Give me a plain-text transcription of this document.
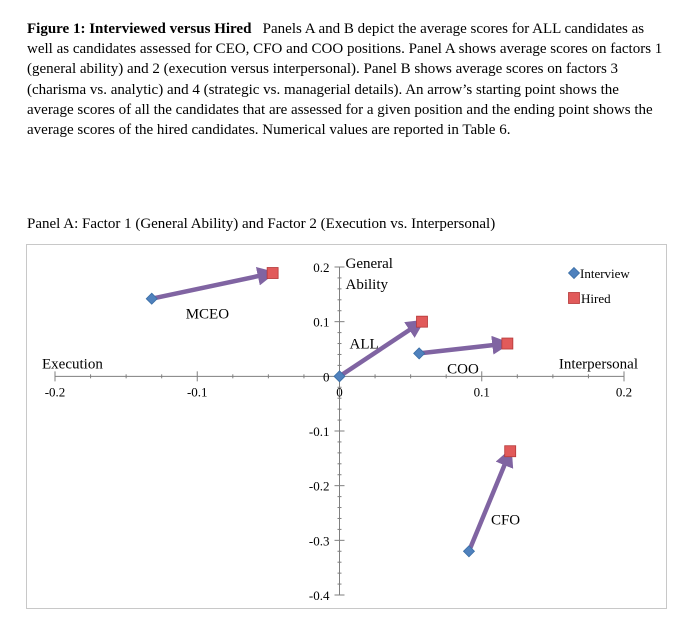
Figure 1: Interviewed versus Hired Panels A and B depict the average scores for ALL candidates as well as candidates assessed for CEO, CFO and COO positions. Panel A shows average scores on factors 1 (general ability) and 2 (execution versus interpersonal). Panel B shows average scores on factors 3 (charisma vs. analytic) and 4 (strategic vs. managerial details). An arrow’s starting point shows the average scores of all the candidates that are assessed for a given position and the ending point shows the average scores of the hired candidates. Numerical values are reported in Table 6.
Panel A: Factor 1 (General Ability) and Factor 2 (Execution vs. Interpersonal)
-0.2	-0.1	0.1	0.2
0.2
0.1
0
-0.1
-0.2
-0.3
-0.4
0
Execution	Interpersonal
General
Ability
ALL
MCEO
COO
CFO
Interview
Hired
